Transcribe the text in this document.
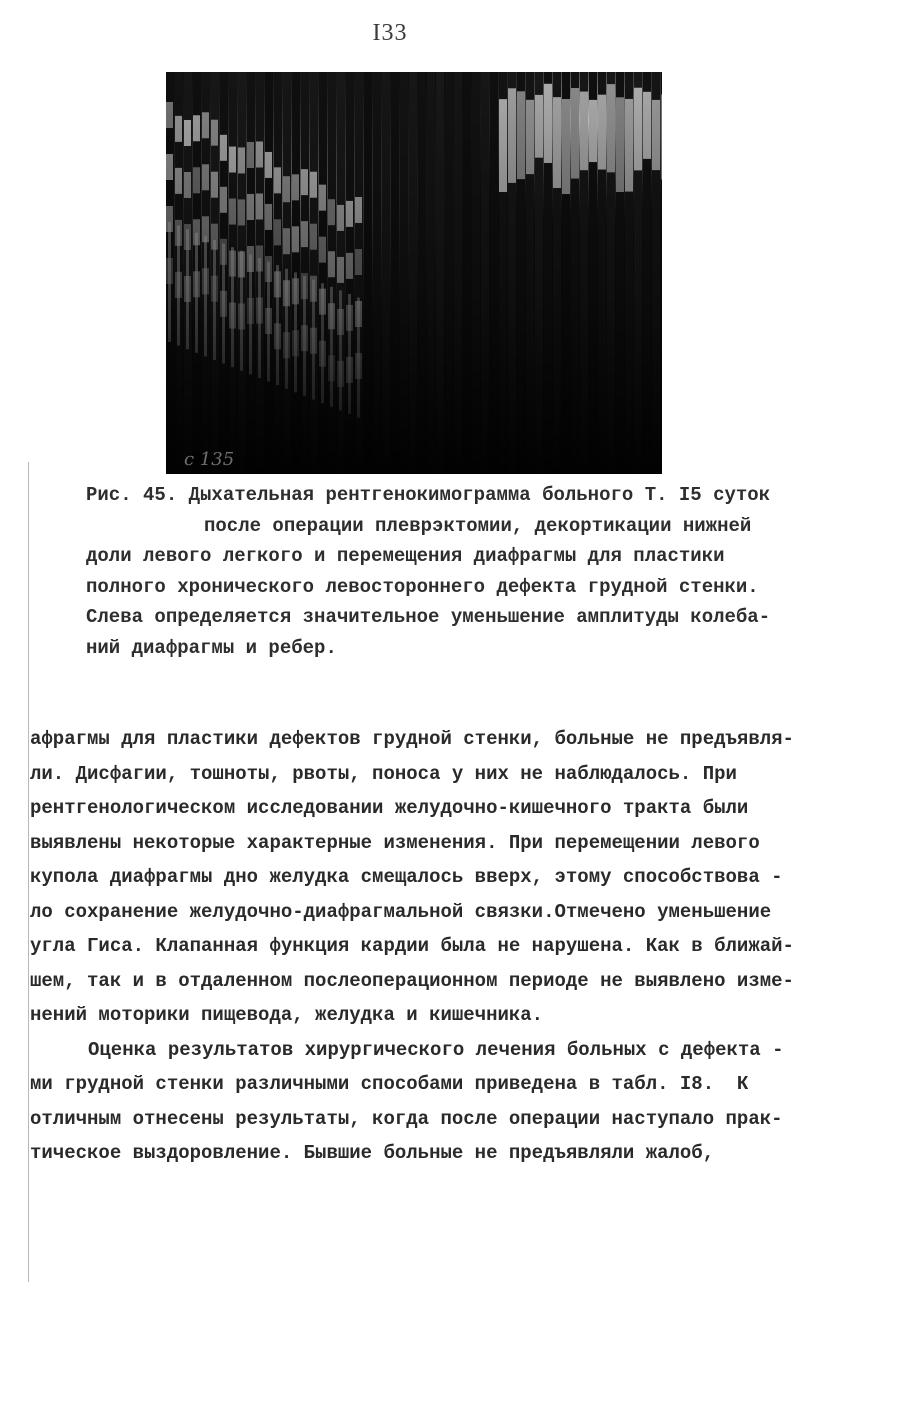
I33
с 135
Рис. 45. Дыхательная рентгенокимограмма больного Т. I5 суток
после операции плеврэктомии, декортикации нижней
доли левого легкого и перемещения диафрагмы для пластики
полного хронического левостороннего дефекта грудной стенки.
Слева определяется значительное уменьшение амплитуды колеба-
ний диафрагмы и ребер.
афрагмы для пластики дефектов грудной стенки, больные не предъявля-
ли. Дисфагии, тошноты, рвоты, поноса у них не наблюдалось. При
рентгенологическом исследовании желудочно-кишечного тракта были
выявлены некоторые характерные изменения. При перемещении левого
купола диафрагмы дно желудка смещалось вверх, этому способствова -
ло сохранение желудочно-диафрагмальной связки.Отмечено уменьшение
угла Гиса. Клапанная функция кардии была не нарушена. Как в ближай-
шем, так и в отдаленном послеоперационном периоде не выявлено изме-
нений моторики пищевода, желудка и кишечника.
Оценка результатов хирургического лечения больных с дефекта -
ми грудной стенки различными способами приведена в табл. I8.  К
отличным отнесены результаты, когда после операции наступало прак-
тическое выздоровление. Бывшие больные не предъявляли жалоб,
